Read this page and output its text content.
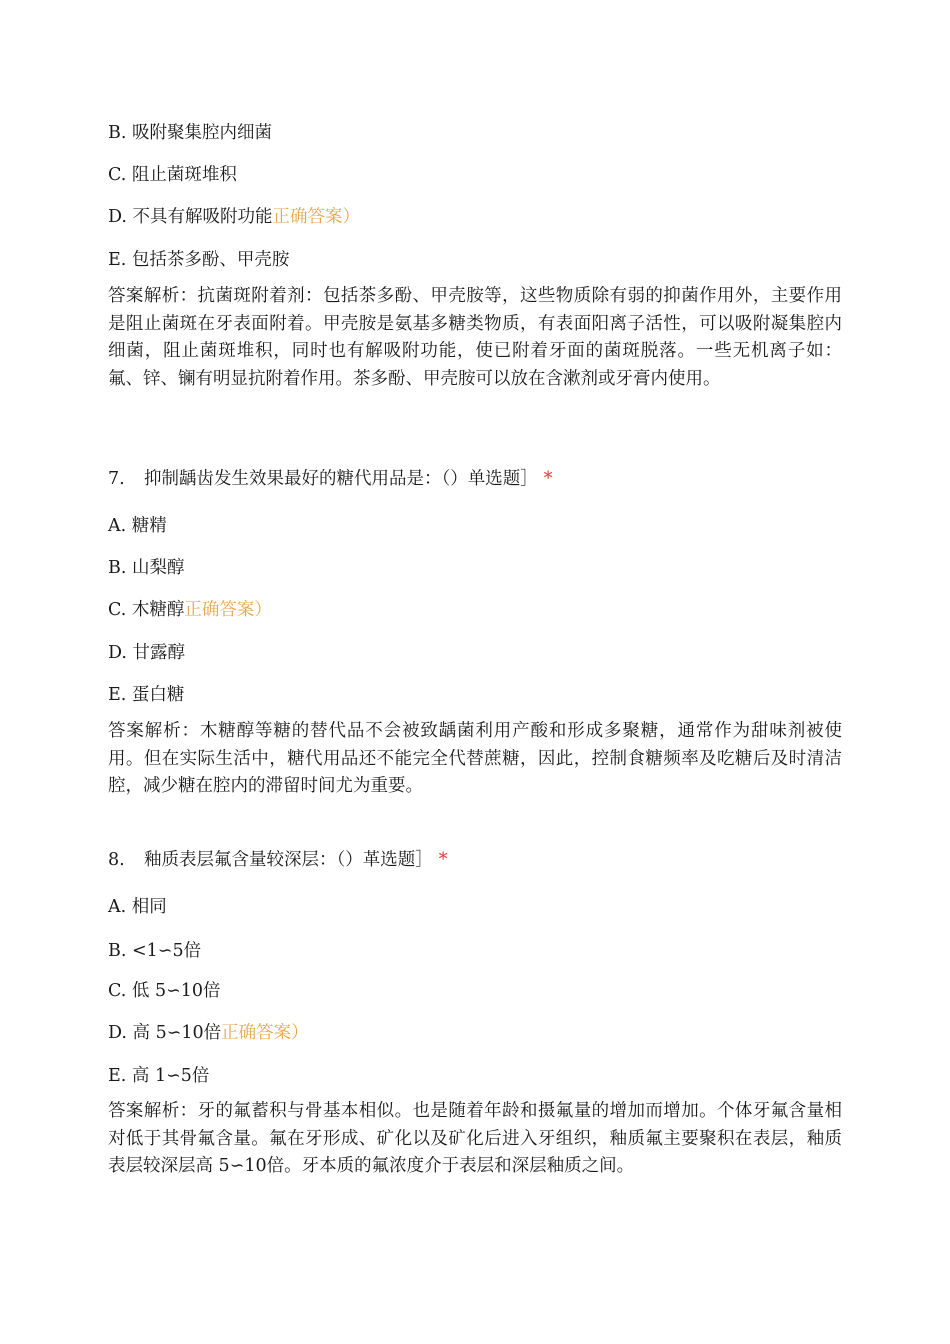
B. 吸附聚集腔内细菌
C. 阻止菌斑堆积
D. 不具有解吸附功能正确答案）
E. 包括茶多酚、甲壳胺
答案解析：抗菌斑附着剂：包括茶多酚、甲壳胺等，这些物质除有弱的抑菌作用外，主要作用是阻止菌斑在牙表面附着。甲壳胺是氨基多糖类物质，有表面阳离子活性，可以吸附凝集腔内细菌，阻止菌斑堆积，同时也有解吸附功能，使已附着牙面的菌斑脱落。一些无机离子如：氟、锌、镧有明显抗附着作用。茶多酚、甲壳胺可以放在含漱剂或牙膏内使用。
7. 抑制龋齿发生效果最好的糖代用品是：（）单选题］ *
A. 糖精
B. 山梨醇
C. 木糖醇正确答案）
D. 甘露醇
E. 蛋白糖
答案解析：木糖醇等糖的替代品不会被致龋菌利用产酸和形成多聚糖，通常作为甜味剂被使用。但在实际生活中，糖代用品还不能完全代替蔗糖，因此，控制食糖频率及吃糖后及时清洁腔，减少糖在腔内的滞留时间尤为重要。
8. 釉质表层氟含量较深层：（）革选题］ *
A. 相同
B. <1∽5倍
C. 低 5∽10倍
D. 高 5∽10倍正确答案）
E. 高 1∽5倍
答案解析：牙的氟蓄积与骨基本相似。也是随着年龄和摄氟量的增加而增加。个体牙氟含量相对低于其骨氟含量。氟在牙形成、矿化以及矿化后进入牙组织，釉质氟主要聚积在表层，釉质表层较深层高 5∽10倍。牙本质的氟浓度介于表层和深层釉质之间。
